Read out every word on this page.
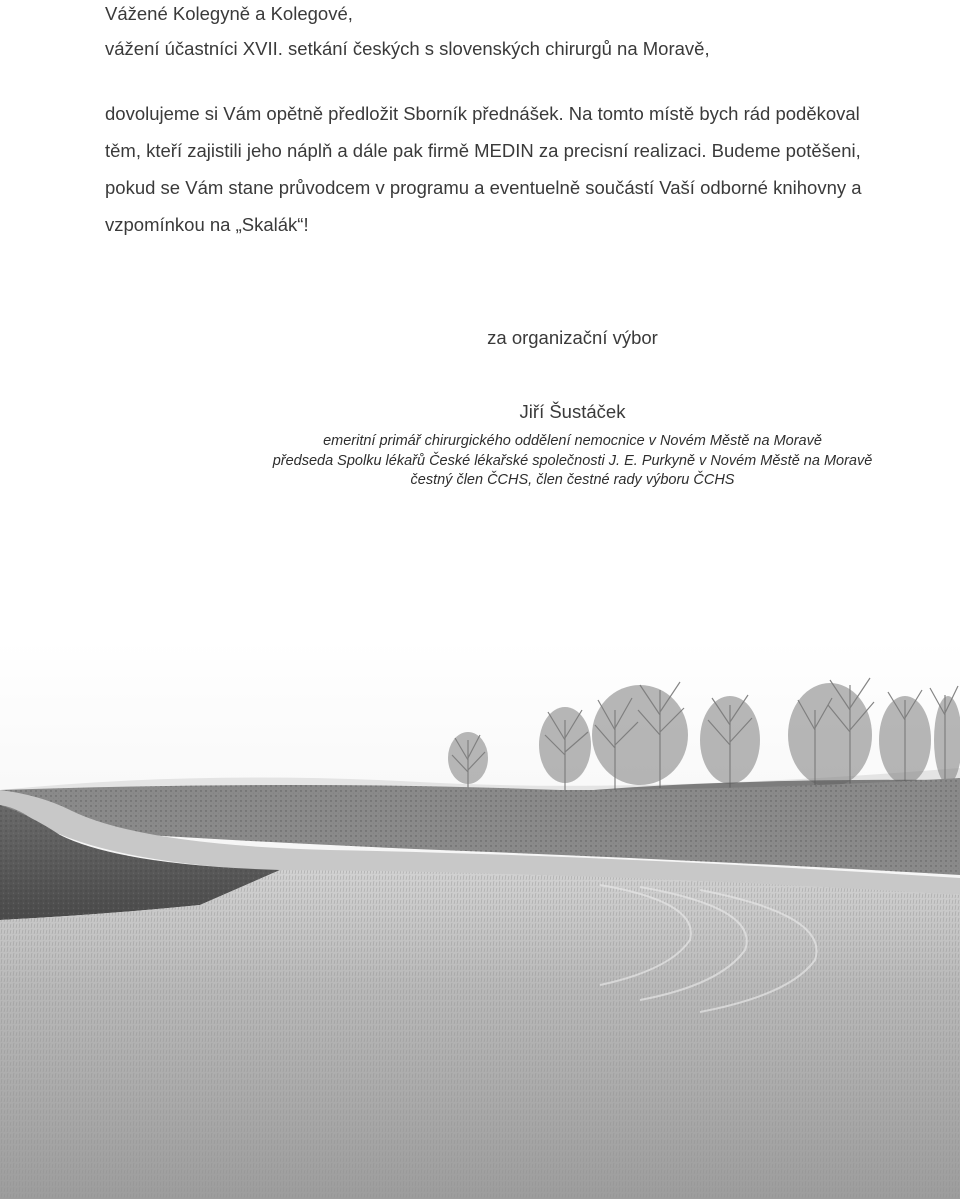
Vážené Kolegyně a Kolegové,
vážení účastníci XVII. setkání českých s slovenských chirurgů na Moravě,

dovolujeme si Vám opětně předložit Sborník přednášek. Na tomto místě bych rád poděkoval těm, kteří zajistili jeho náplň a dále pak firmě MEDIN za precisní realizaci. Budeme potěšeni, pokud se Vám stane průvodcem v programu a eventuelně součástí Vaší odborné knihovny a vzpomínkou na „Skalák“!

za organizační výbor
Jiří Šustáček
emeritní primář chirurgického oddělení nemocnice v Novém Městě na Moravě
předseda Spolku lékařů České lékařské společnosti J. E. Purkyně v Novém Městě na Moravě
čestný člen ČCHS, člen čestné rady výboru ČCHS
